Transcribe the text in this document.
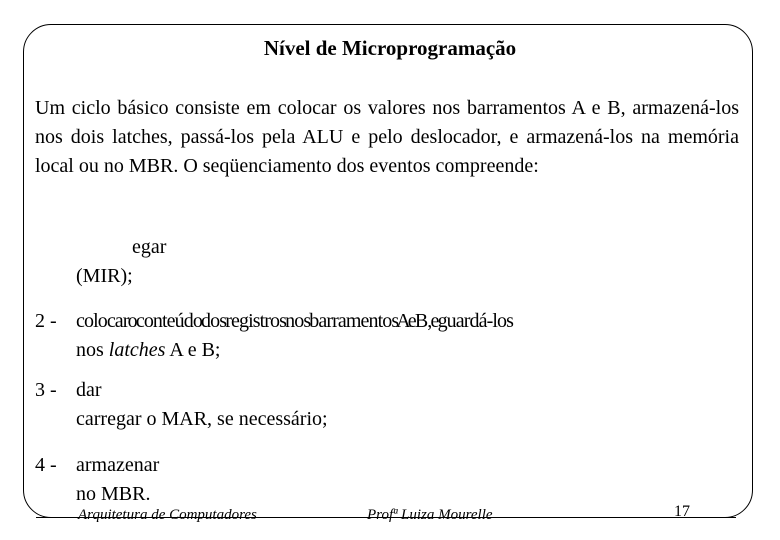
Nível de Microprogramação
Um ciclo básico consiste em colocar os valores nos barramentos A e B, armazená-los nos dois latches, passá-los pela ALU e pelo deslocador, e armazená-los na memória local ou no MBR. O seqüenciamento dos eventos compreende:
egar
(MIR);
2 - colocar o conteúdo dos registros nos barramentos A e B, e guardá-los
nos latches A e B;
3 - dar
carregar o MAR, se necessário;
4 - armazenar
no MBR.
Arquitetura de Computadores	Profª Luiza Mourelle	17
